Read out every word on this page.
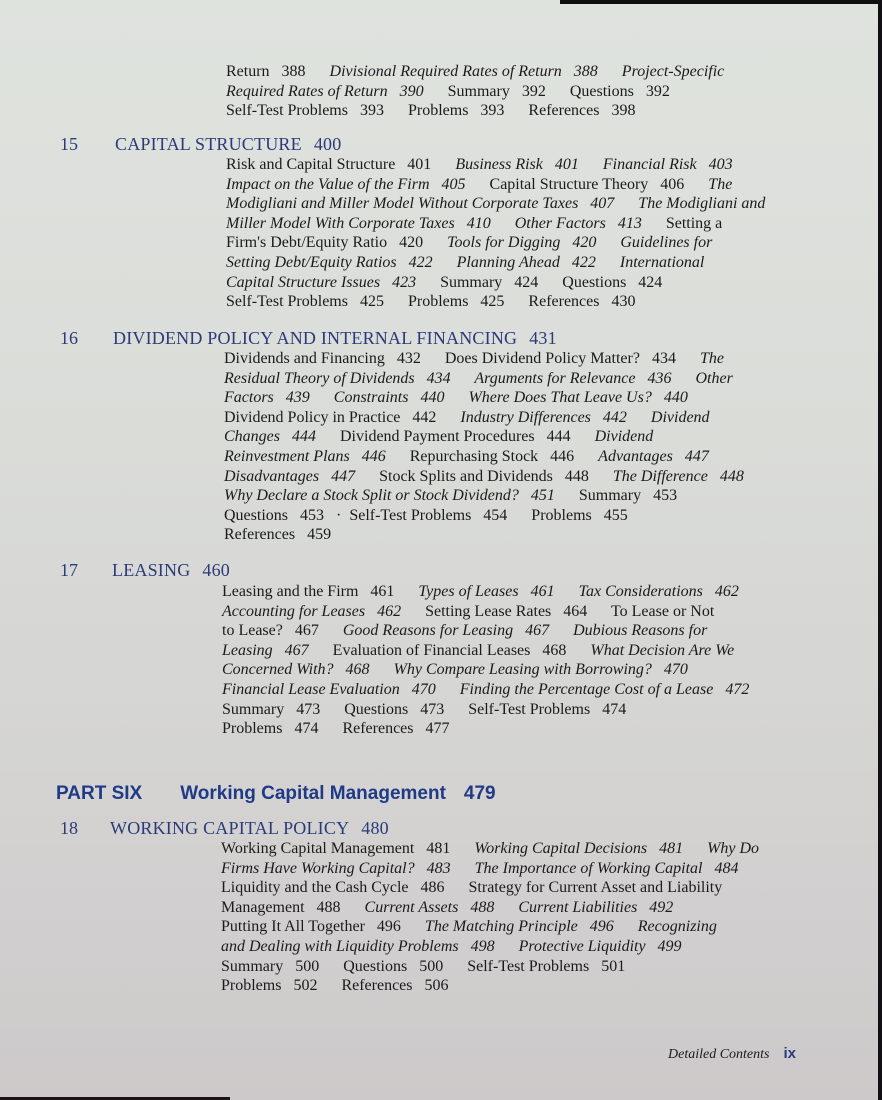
15 CAPITAL STRUCTURE 400
16 DIVIDEND POLICY AND INTERNAL FINANCING 431
17 LEASING 460
PART SIX Working Capital Management 479
18 WORKING CAPITAL POLICY 480
Detailed Contents ix
Return   388      Divisional Required Rates of Return   388      Project-Specific
Required Rates of Return   390      Summary   392      Questions   392
Self-Test Problems   393      Problems   393      References   398
Risk and Capital Structure   401      Business Risk   401      Financial Risk   403
Impact on the Value of the Firm   405      Capital Structure Theory   406      The
Modigliani and Miller Model Without Corporate Taxes   407      The Modigliani and
Miller Model With Corporate Taxes   410      Other Factors   413      Setting a
Firm's Debt/Equity Ratio   420      Tools for Digging   420      Guidelines for
Setting Debt/Equity Ratios   422      Planning Ahead   422      International
Capital Structure Issues   423      Summary   424      Questions   424
Self-Test Problems   425      Problems   425      References   430
Dividends and Financing   432      Does Dividend Policy Matter?   434      The
Residual Theory of Dividends   434      Arguments for Relevance   436      Other
Factors   439      Constraints   440      Where Does That Leave Us?   440
Dividend Policy in Practice   442      Industry Differences   442      Dividend
Changes   444      Dividend Payment Procedures   444      Dividend
Reinvestment Plans   446      Repurchasing Stock   446      Advantages   447
Disadvantages   447      Stock Splits and Dividends   448      The Difference   448
Why Declare a Stock Split or Stock Dividend?   451      Summary   453
Questions   453   ·  Self-Test Problems   454      Problems   455
References   459
Leasing and the Firm   461      Types of Leases   461      Tax Considerations   462
Accounting for Leases   462      Setting Lease Rates   464      To Lease or Not
to Lease?   467      Good Reasons for Leasing   467      Dubious Reasons for
Leasing   467      Evaluation of Financial Leases   468      What Decision Are We
Concerned With?   468      Why Compare Leasing with Borrowing?   470
Financial Lease Evaluation   470      Finding the Percentage Cost of a Lease   472
Summary   473      Questions   473      Self-Test Problems   474
Problems   474      References   477
Working Capital Management   481      Working Capital Decisions   481      Why Do
Firms Have Working Capital?   483      The Importance of Working Capital   484
Liquidity and the Cash Cycle   486      Strategy for Current Asset and Liability
Management   488      Current Assets   488      Current Liabilities   492
Putting It All Together   496      The Matching Principle   496      Recognizing
and Dealing with Liquidity Problems   498      Protective Liquidity   499
Summary   500      Questions   500      Self-Test Problems   501
Problems   502      References   506
